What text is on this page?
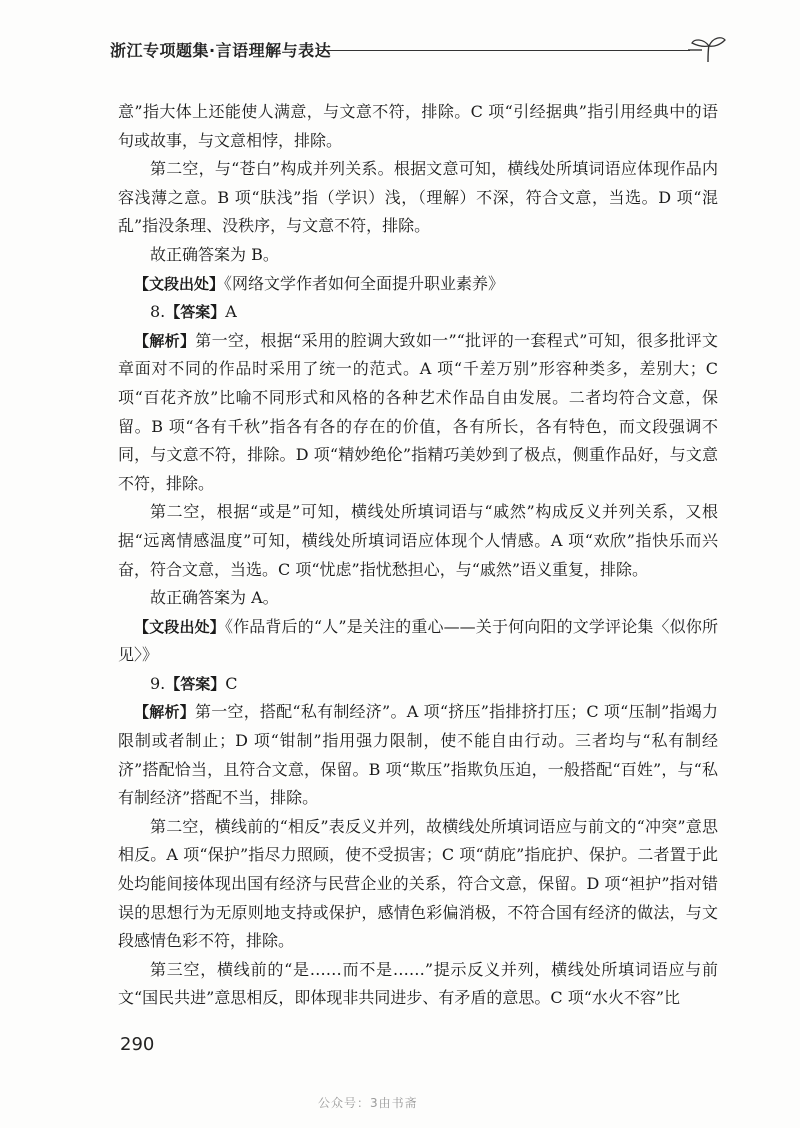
浙江专项题集·言语理解与表达

意”指大体上还能使人满意，与文意不符，排除。C 项“引经据典”指引用经典中的语句或故事，与文意相悖，排除。

第二空，与“苍白”构成并列关系。根据文意可知，横线处所填词语应体现作品内容浅薄之意。B 项“肤浅”指（学识）浅，（理解）不深，符合文意，当选。D 项“混乱”指没条理、没秩序，与文意不符，排除。

故正确答案为 B。

【文段出处】《网络文学作者如何全面提升职业素养》

8.【答案】A

【解析】第一空，根据“采用的腔调大致如一”“批评的一套程式”可知，很多批评文章面对不同的作品时采用了统一的范式。A 项“千差万别”形容种类多，差别大；C 项“百花齐放”比喻不同形式和风格的各种艺术作品自由发展。二者均符合文意，保留。B 项“各有千秋”指各有各的存在的价值，各有所长，各有特色，而文段强调不同，与文意不符，排除。D 项“精妙绝伦”指精巧美妙到了极点，侧重作品好，与文意不符，排除。

第二空，根据“或是”可知，横线处所填词语与“戚然”构成反义并列关系，又根据“远离情感温度”可知，横线处所填词语应体现个人情感。A 项“欢欣”指快乐而兴奋，符合文意，当选。C 项“忧虑”指忧愁担心，与“戚然”语义重复，排除。

故正确答案为 A。

【文段出处】《作品背后的“人”是关注的重心——关于何向阳的文学评论集〈似你所见〉》

9.【答案】C

【解析】第一空，搭配“私有制经济”。A 项“挤压”指排挤打压；C 项“压制”指竭力限制或者制止；D 项“钳制”指用强力限制，使不能自由行动。三者均与“私有制经济”搭配恰当，且符合文意，保留。B 项“欺压”指欺负压迫，一般搭配“百姓”，与“私有制经济”搭配不当，排除。

第二空，横线前的“相反”表反义并列，故横线处所填词语应与前文的“冲突”意思相反。A 项“保护”指尽力照顾，使不受损害；C 项“荫庇”指庇护、保护。二者置于此处均能间接体现出国有经济与民营企业的关系，符合文意，保留。D 项“袒护”指对错误的思想行为无原则地支持或保护，感情色彩偏消极，不符合国有经济的做法，与文段感情色彩不符，排除。

第三空，横线前的“是……而不是……”提示反义并列，横线处所填词语应与前文“国民共进”意思相反，即体现非共同进步、有矛盾的意思。C 项“水火不容”比

290
公众号：3由书斋
